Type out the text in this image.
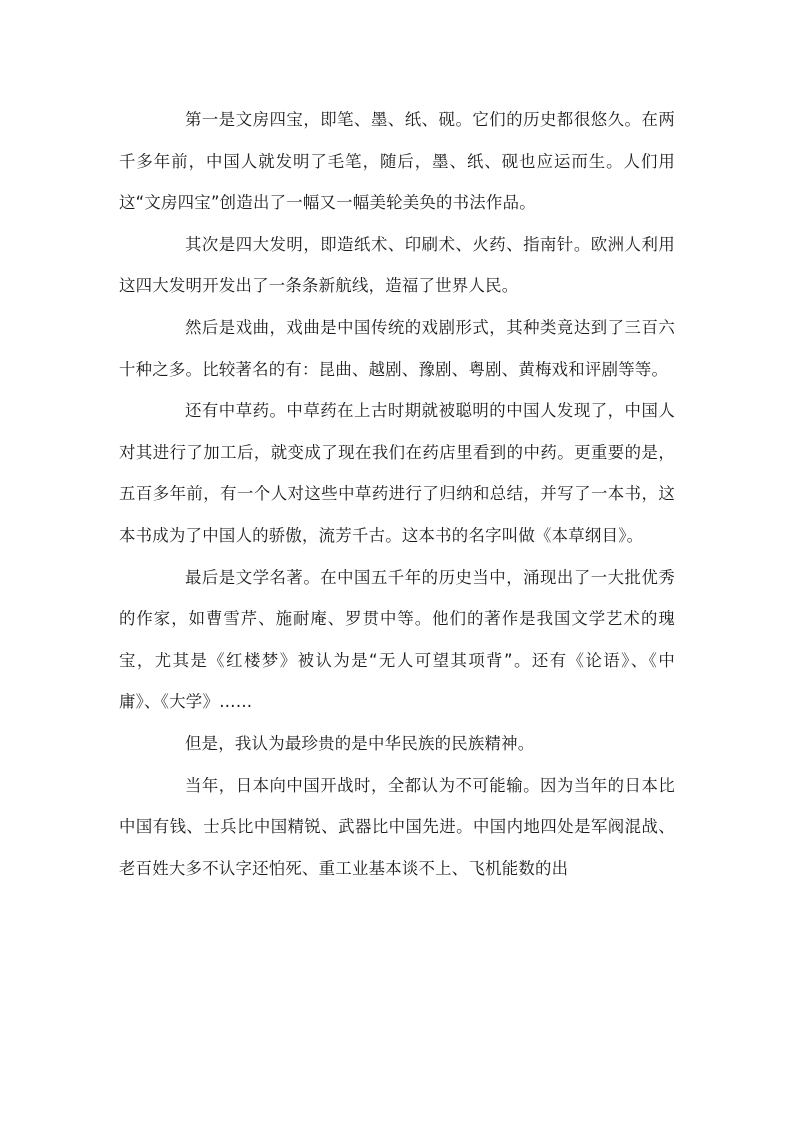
第一是文房四宝，即笔、墨、纸、砚。它们的历史都很悠久。在两千多年前，中国人就发明了毛笔，随后，墨、纸、砚也应运而生。人们用这“文房四宝”创造出了一幅又一幅美轮美奂的书法作品。

其次是四大发明，即造纸术、印刷术、火药、指南针。欧洲人利用这四大发明开发出了一条条新航线，造福了世界人民。

然后是戏曲，戏曲是中国传统的戏剧形式，其种类竟达到了三百六十种之多。比较著名的有：昆曲、越剧、豫剧、粤剧、黄梅戏和评剧等等。

还有中草药。中草药在上古时期就被聪明的中国人发现了，中国人对其进行了加工后，就变成了现在我们在药店里看到的中药。更重要的是，五百多年前，有一个人对这些中草药进行了归纳和总结，并写了一本书，这本书成为了中国人的骄傲，流芳千古。这本书的名字叫做《本草纲目》。

最后是文学名著。在中国五千年的历史当中，涌现出了一大批优秀的作家，如曹雪芹、施耐庵、罗贯中等。他们的著作是我国文学艺术的瑰宝，尤其是《红楼梦》被认为是“无人可望其项背”。还有《论语》、《中庸》、《大学》……

但是，我认为最珍贵的是中华民族的民族精神。

当年，日本向中国开战时，全都认为不可能输。因为当年的日本比中国有钱、士兵比中国精锐、武器比中国先进。中国内地四处是军阀混战、老百姓大多不认字还怕死、重工业基本谈不上、飞机能数的出
